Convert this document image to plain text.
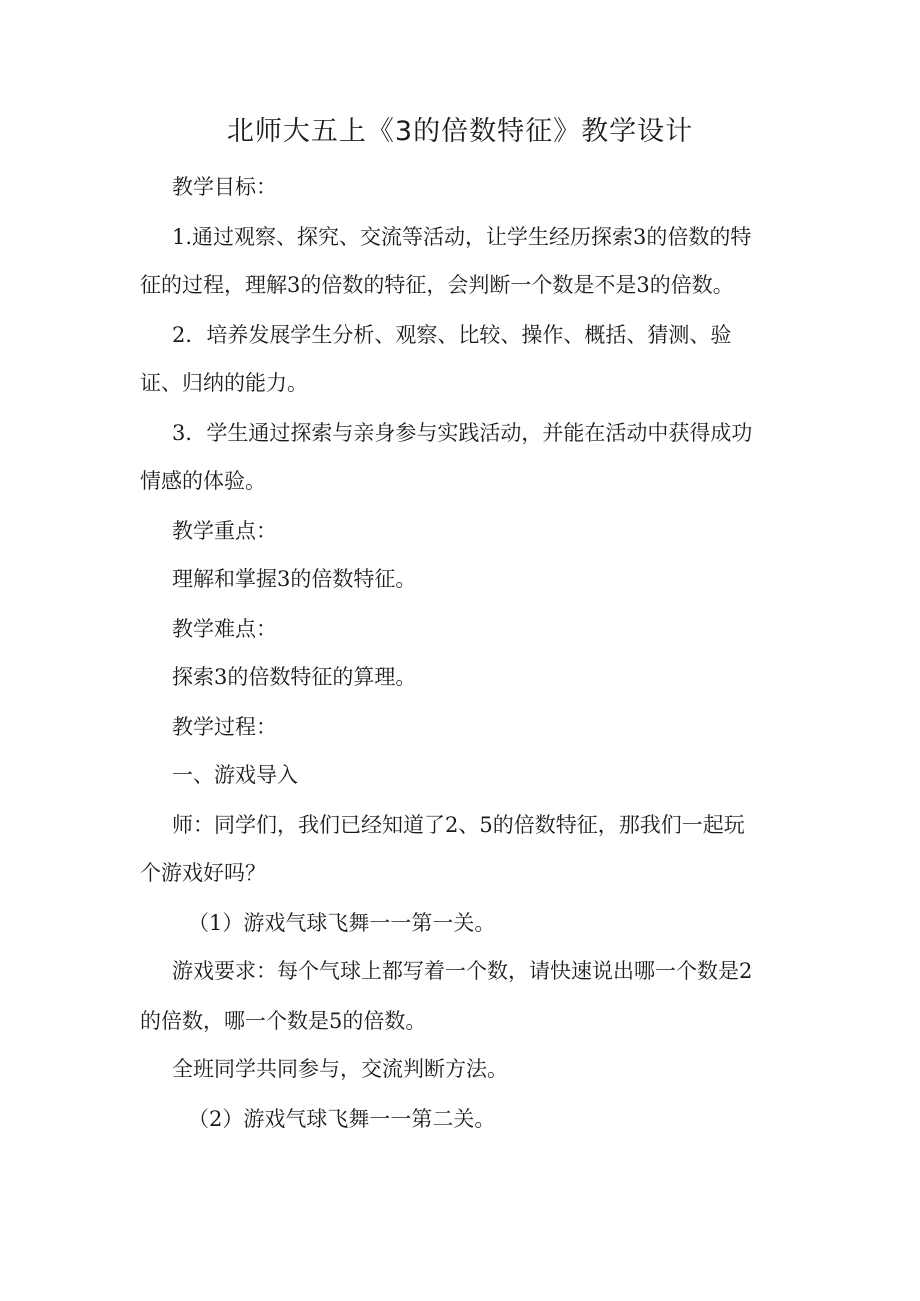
北师大五上《3的倍数特征》教学设计
教学目标：
1.通过观察、探究、交流等活动，让学生经历探索3的倍数的特
征的过程，理解3的倍数的特征，会判断一个数是不是3的倍数。
2．培养发展学生分析、观察、比较、操作、概括、猜测、验
证、归纳的能力。
3．学生通过探索与亲身参与实践活动，并能在活动中获得成功
情感的体验。
教学重点：
理解和掌握3的倍数特征。
教学难点：
探索3的倍数特征的算理。
教学过程：
一、游戏导入
师：同学们，我们已经知道了2、5的倍数特征，那我们一起玩
个游戏好吗？
（1）游戏气球飞舞一一第一关。
游戏要求：每个气球上都写着一个数，请快速说出哪一个数是2
的倍数，哪一个数是5的倍数。
全班同学共同参与，交流判断方法。
（2）游戏气球飞舞一一第二关。
